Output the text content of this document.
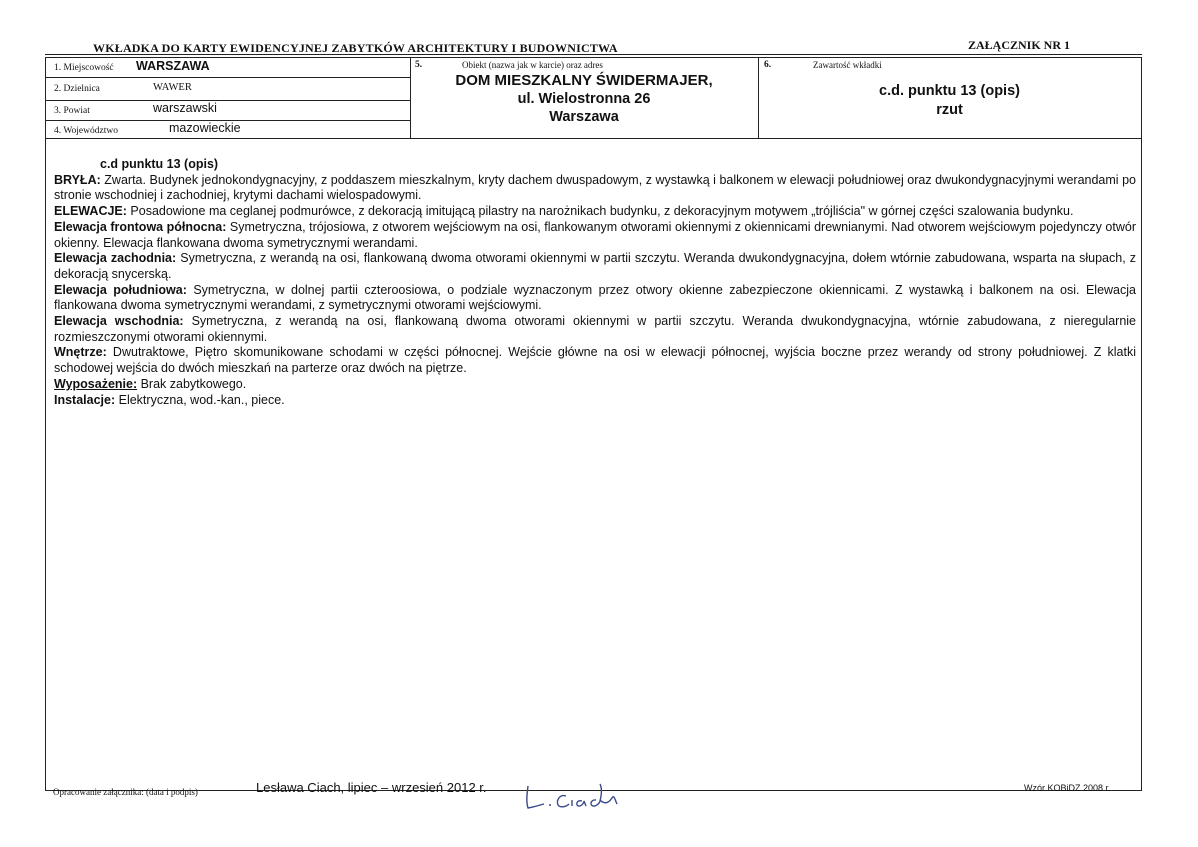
WKŁADKA DO KARTY EWIDENCYJNEJ ZABYTKÓW ARCHITEKTURY I BUDOWNICTWA	ZAŁĄCZNIK NR 1
1. Miejscowość WARSZAWA
2. Dzielnica	WAWER
3. Powiat	warszawski
4. Województwo	mazowieckie
5.	Obiekt (nazwa jak w karcie) oraz adres
DOM MIESZKALNY ŚWIDERMAJER,
ul. Wielostronna 26
Warszawa
6.	Zawartość wkładki
c.d. punktu 13 (opis)
rzut

c.d punktu 13 (opis)

BRYŁA: Zwarta. Budynek jednokondygnacyjny, z poddaszem mieszkalnym, kryty dachem dwuspadowym, z wystawką i balkonem w elewacji południowej oraz dwukondygnacyjnymi werandami po stronie wschodniej i zachodniej, krytymi dachami wielospadowymi.

ELEWACJE: Posadowione ma ceglanej podmurówce, z dekoracją imitującą pilastry na narożnikach budynku, z dekoracyjnym motywem „trójliścia" w górnej części szalowania budynku.

Elewacja frontowa północna: Symetryczna, trójosiowa, z otworem wejściowym na osi, flankowanym otworami okiennymi z okiennicami drewnianymi. Nad otworem wejściowym pojedynczy otwór okienny. Elewacja flankowana dwoma symetrycznymi werandami.

Elewacja zachodnia: Symetryczna, z werandą na osi, flankowaną dwoma otworami okiennymi w partii szczytu. Weranda dwukondygnacyjna, dołem wtórnie zabudowana, wsparta na słupach, z dekoracją snycerską.

Elewacja południowa: Symetryczna, w dolnej partii czteroosiowa, o podziale wyznaczonym przez otwory okienne zabezpieczone okiennicami. Z wystawką i balkonem na osi. Elewacja flankowana dwoma symetrycznymi werandami, z symetrycznymi otworami wejściowymi.

Elewacja wschodnia: Symetryczna, z werandą na osi, flankowaną dwoma otworami okiennymi w partii szczytu. Weranda dwukondygnacyjna, wtórnie zabudowana, z nieregularnie rozmieszczonymi otworami okiennymi.

Wnętrze: Dwutraktowe, Piętro skomunikowane schodami w części północnej. Wejście główne na osi w elewacji północnej, wyjścia boczne przez werandy od strony południowej. Z klatki schodowej wejścia do dwóch mieszkań na parterze oraz dwóch na piętrze.

Wyposażenie: Brak zabytkowego.

Instalacje: Elektryczna, wod.-kan., piece.

Opracowanie załącznika: (data i podpis)	Lesława Ciach, lipiec – wrzesień 2012 r.	Wzór KOBiDZ 2008 r.
